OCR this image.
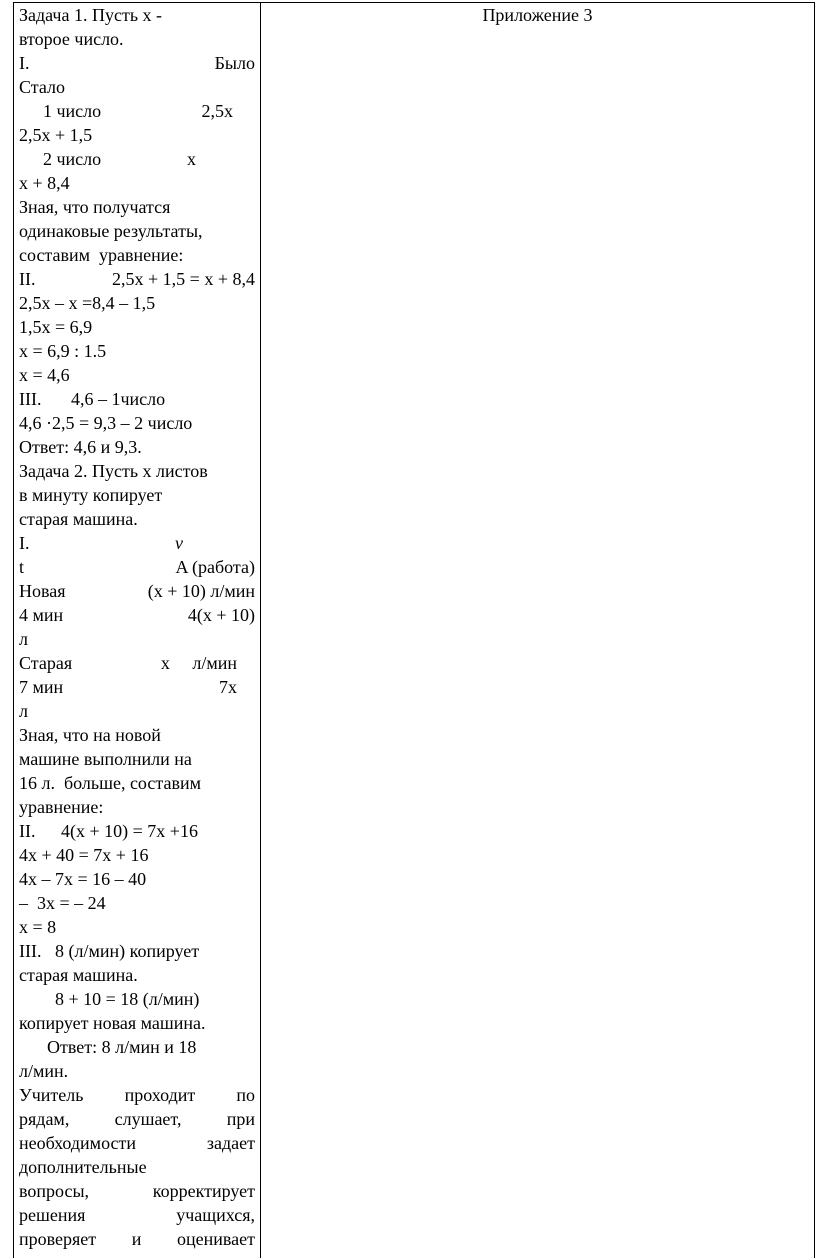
Приложение 3
Задача 1. Пусть х -
второе число.
I.	Было
Стало
1 число	2,5х
2,5х + 1,5
2 число	х
х + 8,4
Зная, что получатся
одинаковые результаты,
составим  уравнение:
II.	2,5х + 1,5 = х + 8,4
2,5х – х =8,4 – 1,5
1,5х = 6,9
х = 6,9 : 1.5
х = 4,6
III. 4,6 – 1число
4,6 ·2,5 = 9,3 – 2 число
Ответ: 4,6 и 9,3.
Задача 2. Пусть х листов
в минуту копирует
старая машина.
I.	v
t	A (работа)
Новая	(х + 10) л/мин
4 мин	4(х + 10)
л
Старая	х     л/мин
7 мин	7х
л
Зная, что на новой
машине выполнили на
16 л.  больше, составим
уравнение:
II. 4(х + 10) = 7х +16
4х + 40 = 7х + 16
4х – 7х = 16 – 40
–  3х = – 24
х = 8
III.   8 (л/мин) копирует
старая машина.
8 + 10 = 18 (л/мин)
копирует новая машина.
Ответ: 8 л/мин и 18
л/мин.
Учитель проходит по
рядам, слушает, при
необходимости задает
дополнительные
вопросы, корректирует
решения учащихся,
проверяет и оценивает
